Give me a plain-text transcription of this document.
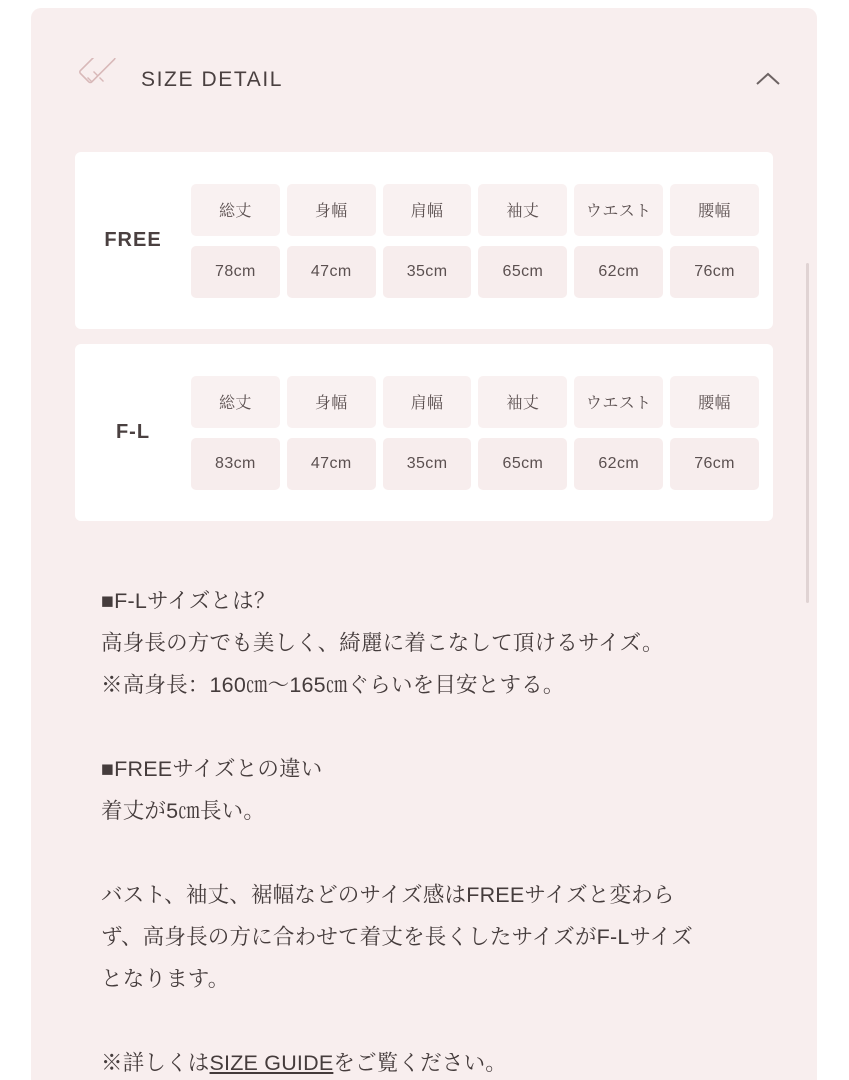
SIZE DETAIL
FREE
総丈
78cm
身幅
47cm
肩幅
35cm
袖丈
65cm
ウエスト
62cm
腰幅
76cm
F-L
総丈
83cm
身幅
47cm
肩幅
35cm
袖丈
65cm
ウエスト
62cm
腰幅
76cm

■F-Lサイズとは？

高身長の方でも美しく、綺麗に着こなして頂けるサイズ。

※高身長：160㎝〜165㎝ぐらいを目安とする。

■FREEサイズとの違い

着丈が5㎝長い。

バスト、袖丈、裾幅などのサイズ感はFREEサイズと変わら

ず、高身長の方に合わせて着丈を長くしたサイズがF-Lサイズ

となります。

※詳しくはSIZE GUIDEをご覧ください。
